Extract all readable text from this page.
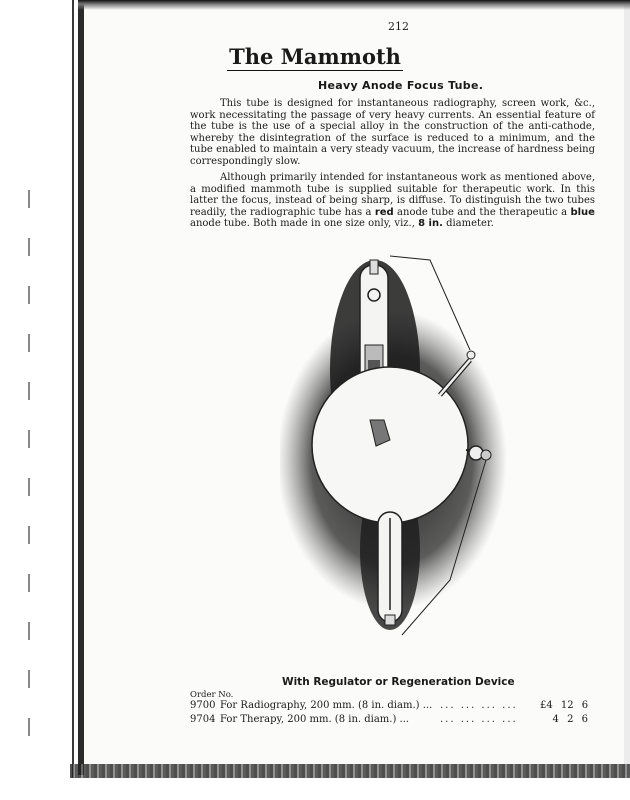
212
The Mammoth
Heavy Anode Focus Tube.

This tube is designed for instantaneous radiography, screen work, &c., work necessitating the passage of very heavy currents. An essential feature of the tube is the use of a special alloy in the construction of the anti-cathode, whereby the disintegration of the surface is reduced to a minimum, and the tube enabled to maintain a very steady vacuum, the increase of hardness being correspondingly slow.

Although primarily intended for instantaneous work as mentioned above, a modified mammoth tube is supplied suitable for therapeutic work. In this latter the focus, instead of being sharp, is diffuse. To distinguish the two tubes readily, the radiographic tube has a red anode tube and the therapeutic a blue anode tube. Both made in one size only, viz., 8 in. diameter.

With Regulator or Regeneration Device
Order No.
9700 For Radiography, 200 mm. (8 in. diam.) ... ... ... ... ... £4 12 6
9704 For Therapy, 200 mm. (8 in. diam.) ...	... ... ... ...	4 2 6
